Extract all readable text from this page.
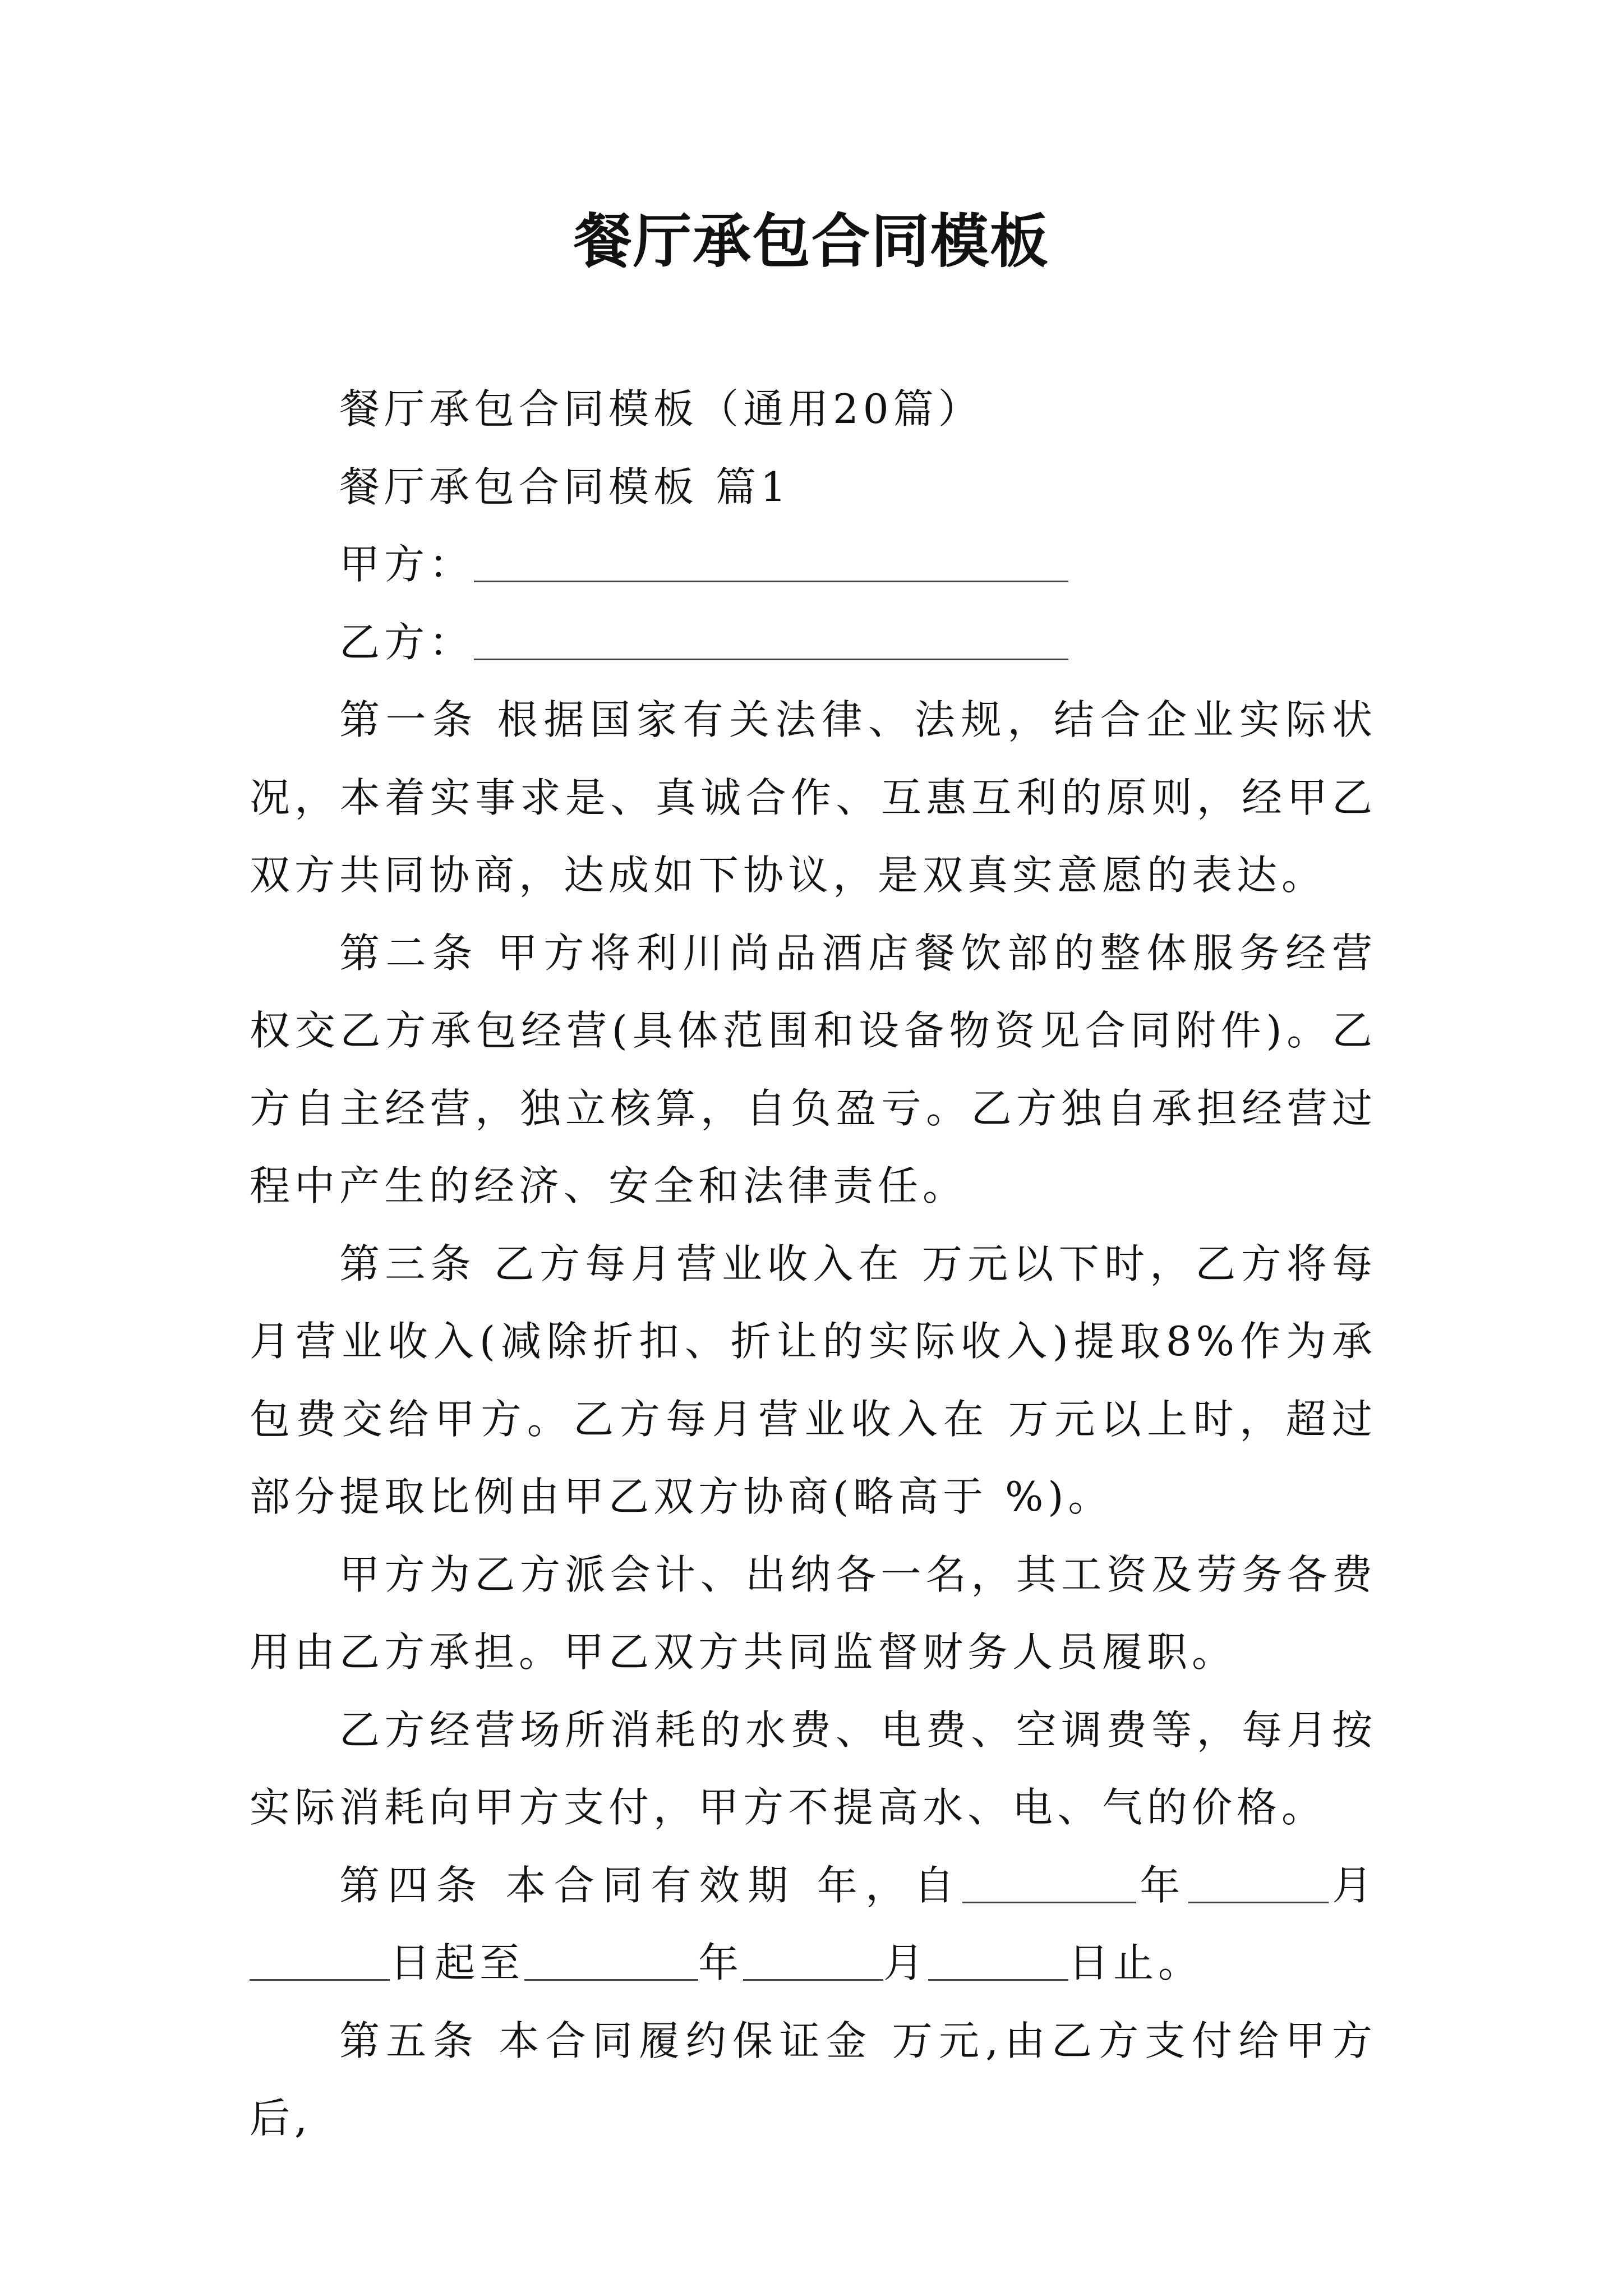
餐厅承包合同模板

餐厅承包合同模板（通用20篇）

餐厅承包合同模板 篇1

甲方：

乙方：

第一条 根据国家有关法律、法规，结合企业实际状况，本着实事求是、真诚合作、互惠互利的原则，经甲乙双方共同协商，达成如下协议，是双真实意愿的表达。

第二条 甲方将利川尚品酒店餐饮部的整体服务经营权交乙方承包经营(具体范围和设备物资见合同附件)。乙方自主经营，独立核算，自负盈亏。乙方独自承担经营过程中产生的经济、安全和法律责任。

第三条 乙方每月营业收入在 万元以下时，乙方将每月营业收入(减除折扣、折让的实际收入)提取8%作为承包费交给甲方。乙方每月营业收入在 万元以上时，超过部分提取比例由甲乙双方协商(略高于 %)。

甲方为乙方派会计、出纳各一名，其工资及劳务各费用由乙方承担。甲乙双方共同监督财务人员履职。

乙方经营场所消耗的水费、电费、空调费等，每月按实际消耗向甲方支付，甲方不提高水、电、气的价格。

第四条 本合同有效期 年，自	年	月日起至	年	月	日止。

第五条 本合同履约保证金 万元,由乙方支付给甲方后,
